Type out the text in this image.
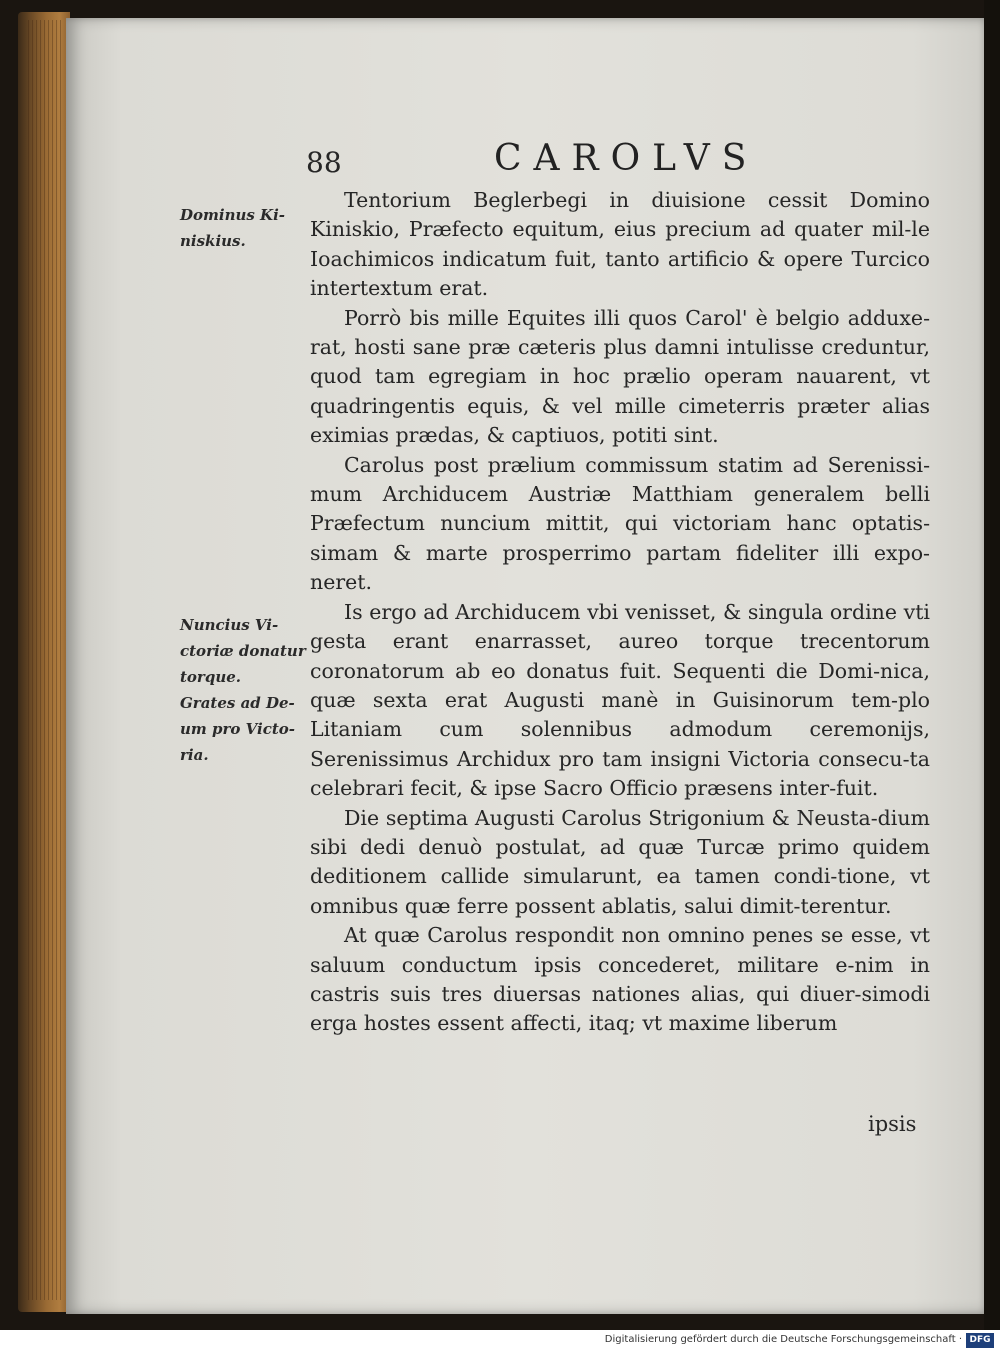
88	CAROLVS
Dominus Ki-niskius.
Nuncius Vi-ctoriæ donatur torque.
Grates ad De-um pro Victo-ria.

Tentorium Beglerbegi in diuisione cessit Domino Kiniskio, Præfecto equitum, eius precium ad quater mil-le Ioachimicos indicatum fuit, tanto artificio & opere Turcico intertextum erat.

Porrò bis mille Equites illi quos Carol' è belgio adduxe-rat, hosti sane præ cæteris plus damni intulisse creduntur, quod tam egregiam in hoc prælio operam nauarent, vt quadringentis equis, & vel mille cimeterris præter alias eximias prædas, & captiuos, potiti sint.

Carolus post prælium commissum statim ad Serenissi-mum Archiducem Austriæ Matthiam generalem belli Præfectum nuncium mittit, qui victoriam hanc optatis-simam & marte prosperrimo partam fideliter illi expo-neret.

Is ergo ad Archiducem vbi venisset, & singula ordine vti gesta erant enarrasset, aureo torque trecentorum coronatorum ab eo donatus fuit. Sequenti die Domi-nica, quæ sexta erat Augusti manè in Guisinorum tem-plo Litaniam cum solennibus admodum ceremonijs, Serenissimus Archidux pro tam insigni Victoria consecu-ta celebrari fecit, & ipse Sacro Officio præsens inter-fuit.

Die septima Augusti Carolus Strigonium & Neusta-dium sibi dedi denuò postulat, ad quæ Turcæ primo quidem deditionem callide simularunt, ea tamen condi-tione, vt omnibus quæ ferre possent ablatis, salui dimit-terentur.

At quæ Carolus respondit non omnino penes se esse, vt saluum conductum ipsis concederet, militare e-nim in castris suis tres diuersas nationes alias, qui diuer-simodi erga hostes essent affecti, itaq; vt maxime liberum

ipsis
Digitalisierung gefördert durch die Deutsche Forschungsgemeinschaft · DFG
